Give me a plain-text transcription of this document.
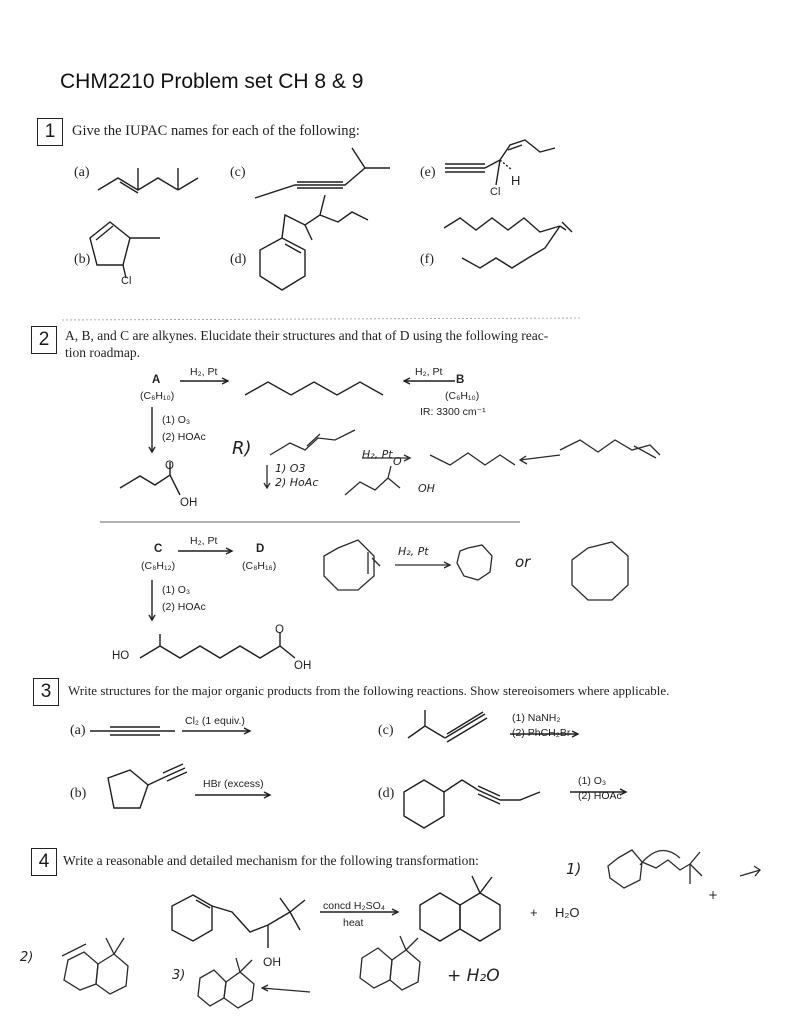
CHM2210 Problem set CH 8 & 9
1	Give the IUPAC names for each of the following:
(a)
(b)
(c)
(d)
(e)
(f)
Cl
Cl
H
2	A, B, and C are alkynes. Elucidate their structures and that of D using the following reac-
tion roadmap.
A
(C₆H₁₀)
H₂, Pt
(1) O₃
(2) HOAc
OH
O
B
(C₆H₁₀)
IR: 3300 cm⁻¹
H₂, Pt
C
(C₈H₁₂)
H₂, Pt
D
(C₈H₁₆)
(1) O₃
(2) HOAc
HO
OH
O
R)	H₂, Pt
1) O3
2) HoAc	OH
O
H₂, Pt
or
3	Write structures for the major organic products from the following reactions. Show stereoisomers where applicable.
(a)
Cl₂ (1 equiv.)
(b)
HBr (excess)
(c)
(1) NaNH₂
(2) PhCH₂Br
(d)
(1) O₃
(2) HOAc
4	Write a reasonable and detailed mechanism for the following transformation:
concd H₂SO₄
heat
+ H₂O
OH
1)
2)
3)	+ H₂O
+
